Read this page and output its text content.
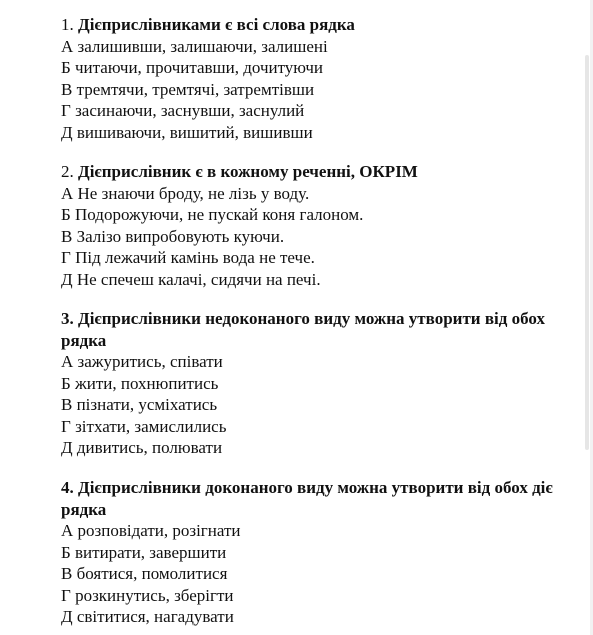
1. Дієприслівниками є всі слова рядка
А залишивши, залишаючи, залишені
Б читаючи, прочитавши, дочитуючи
В тремтячи, тремтячі, затремтівши
Г засинаючи, заснувши, заснулий
Д вишиваючи, вишитий, вишивши
2. Дієприслівник є в кожному реченні, ОКРІМ
А Не знаючи броду, не лізь у воду.
Б Подорожуючи, не пускай коня галоном.
В Залізо випробовують куючи.
Г Під лежачий камінь вода не тече.
Д Не спечеш калачі, сидячи на печі.
3. Дієприслівники недоконаного виду можна утворити від обох
рядка
А зажуритись, співати
Б жити, похнюпитись
В пізнати, усміхатись
Г зітхати, замислились
Д дивитись, полювати
4. Дієприслівники доконаного виду можна утворити від обох діє
рядка
А розповідати, розігнати
Б витирати, завершити
В боятися, помолитися
Г розкинутись, зберігти
Д світитися, нагадувати
